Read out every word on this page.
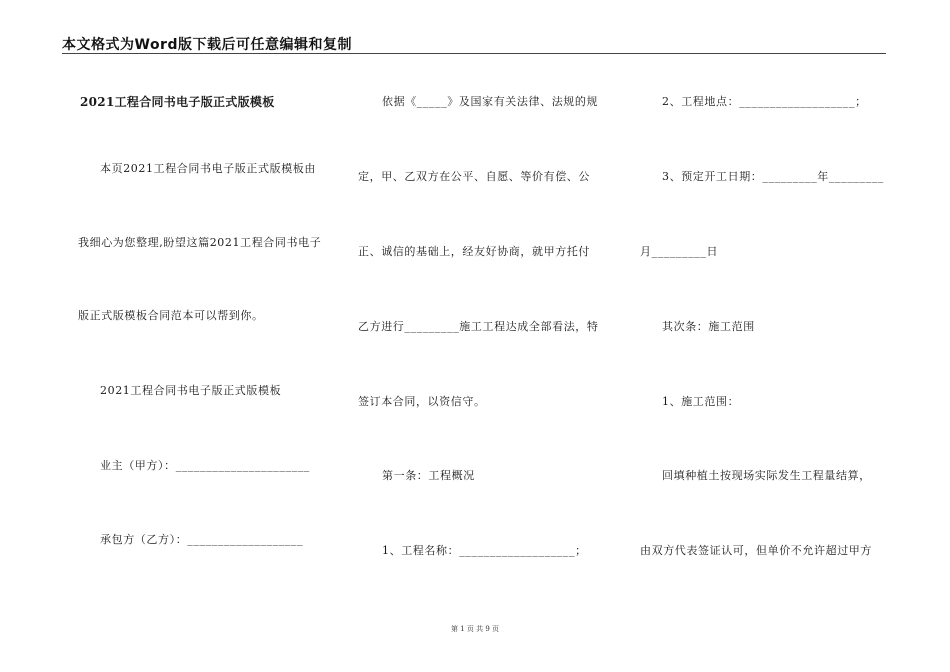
本文格式为Word版下载后可任意编辑和复制
2021工程合同书电子版正式版模板
本页2021工程合同书电子版正式版模板由
我细心为您整理,盼望这篇2021工程合同书电子
版正式版模板合同范本可以帮到你。
2021工程合同书电子版正式版模板
业主（甲方）：______________________
承包方（乙方）：___________________
依据《_____》及国家有关法律、法规的规
定，甲、乙双方在公平、自愿、等价有偿、公
正、诚信的基础上，经友好协商，就甲方托付
乙方进行_________施工工程达成全部看法，特
签订本合同，以资信守。
第一条：工程概况
1、工程名称：___________________；
2、工程地点：___________________；
3、预定开工日期：_________年_________
月_________日
其次条：施工范围
1、施工范围：
回填种植土按现场实际发生工程量结算，
由双方代表签证认可，但单价不允许超过甲方
第 1 页 共 9 页
